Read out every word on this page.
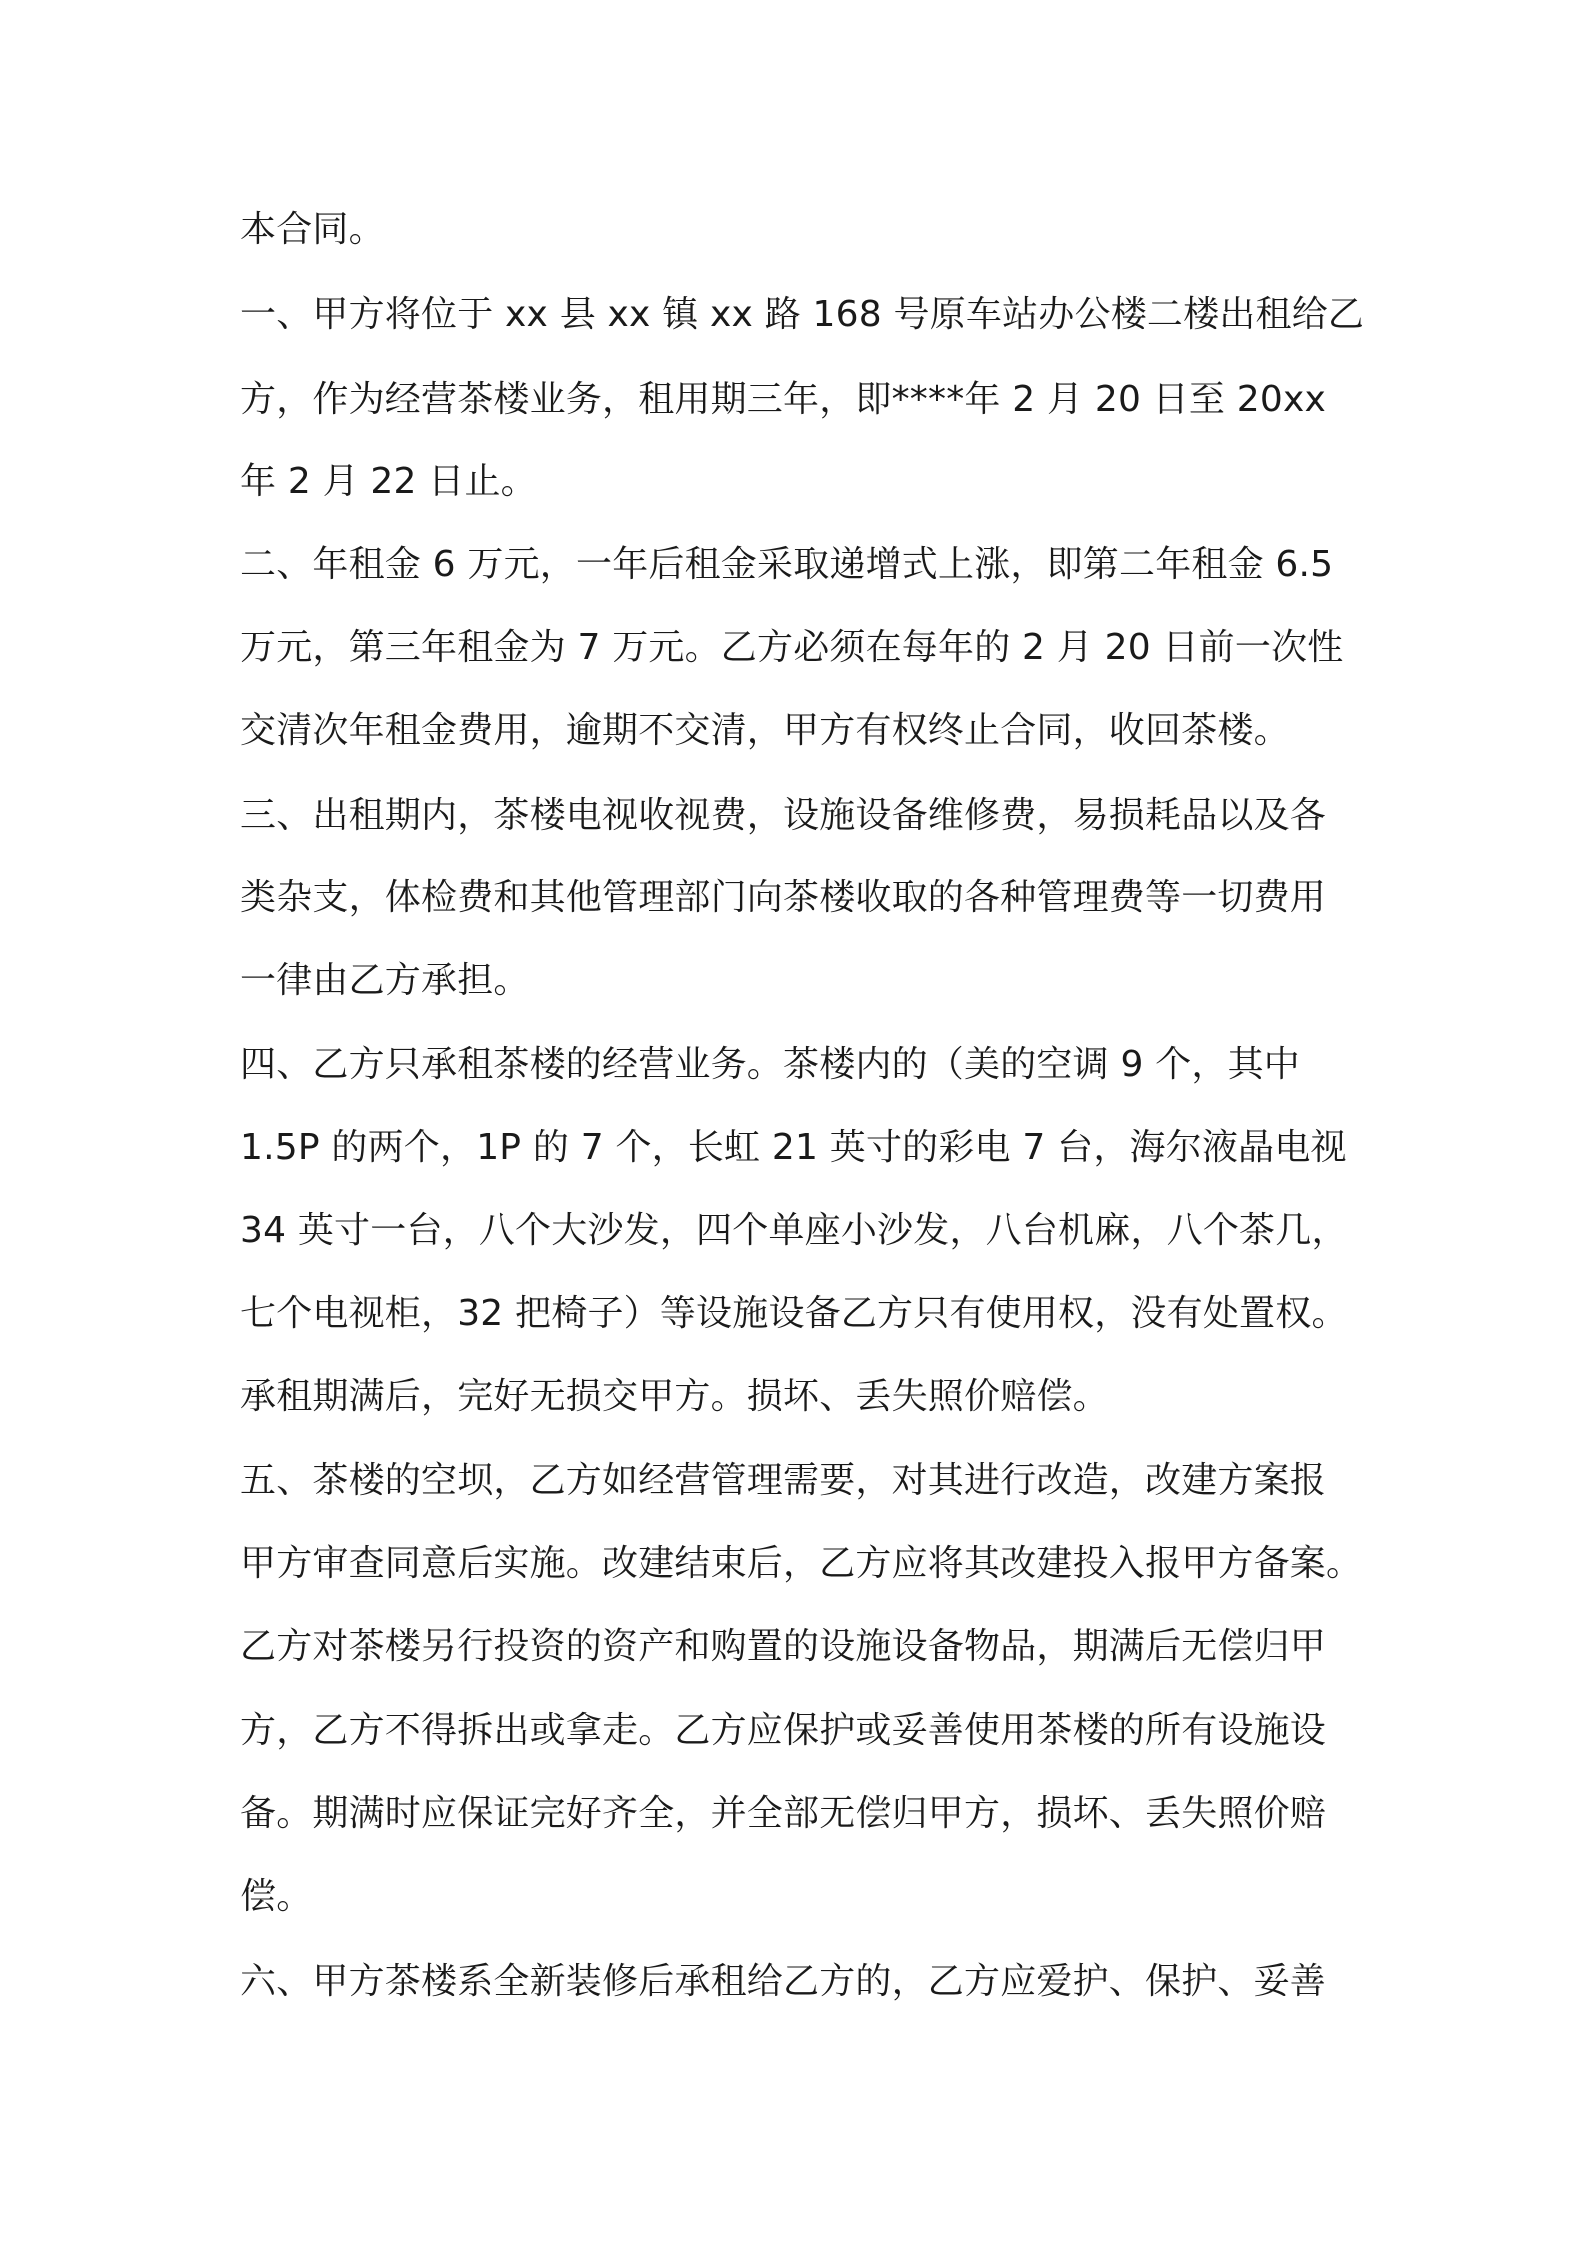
本合同。
一、甲方将位于 xx 县 xx 镇 xx 路 168 号原车站办公楼二楼出租给乙
方，作为经营茶楼业务，租用期三年，即****年 2 月 20 日至 20xx
年 2 月 22 日止。
二、年租金 6 万元，一年后租金采取递增式上涨，即第二年租金 6.5
万元，第三年租金为 7 万元。乙方必须在每年的 2 月 20 日前一次性
交清次年租金费用，逾期不交清，甲方有权终止合同，收回茶楼。
三、出租期内，茶楼电视收视费，设施设备维修费，易损耗品以及各
类杂支，体检费和其他管理部门向茶楼收取的各种管理费等一切费用
一律由乙方承担。
四、乙方只承租茶楼的经营业务。茶楼内的（美的空调 9 个，其中
1.5P 的两个，1P 的 7 个，长虹 21 英寸的彩电 7 台，海尔液晶电视
34 英寸一台，八个大沙发，四个单座小沙发，八台机麻，八个茶几，
七个电视柜，32 把椅子）等设施设备乙方只有使用权，没有处置权。
承租期满后，完好无损交甲方。损坏、丢失照价赔偿。
五、茶楼的空坝，乙方如经营管理需要，对其进行改造，改建方案报
甲方审查同意后实施。改建结束后，乙方应将其改建投入报甲方备案。
乙方对茶楼另行投资的资产和购置的设施设备物品，期满后无偿归甲
方，乙方不得拆出或拿走。乙方应保护或妥善使用茶楼的所有设施设
备。期满时应保证完好齐全，并全部无偿归甲方，损坏、丢失照价赔
偿。
六、甲方茶楼系全新装修后承租给乙方的，乙方应爱护、保护、妥善
